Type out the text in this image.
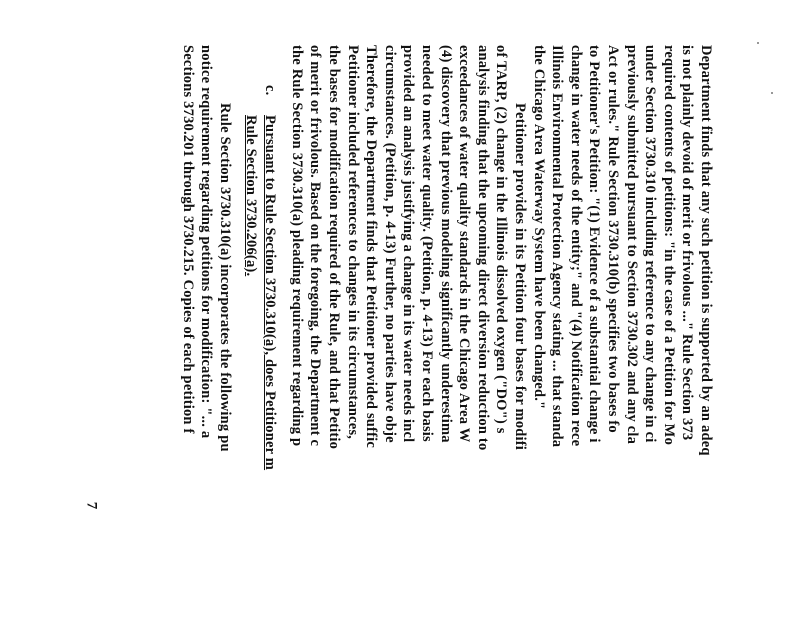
Department finds that any such petition is supported by an adeq
is not plainly devoid of merit or frivolous ..." Rule Section 373
required contents of petitions: "in the case of a Petition for Mo
under Section 3730.310 including reference to any change in ci
previously submitted pursuant to Section 3730.302 and any cla
Act or rules." Rule Section 3730.310(b) specifies two bases fo
to Petitioner's Petition: "(1) Evidence of a substantial change i
change in water needs of the entity;" and "(4) Notification rece
Illinois Environmental Protection Agency stating ... that standa
the Chicago Area Waterway System have been changed."
Petitioner provides in its Petition four bases for modifi
of TARP, (2) change in the Illinois dissolved oxygen ("DO") s
analysis finding that the upcoming direct diversion reduction to
exceedances of water quality standards in the Chicago Area W
(4) discovery that previous modeling significantly underestima
needed to meet water quality. (Petition, p. 4-13) For each basis
provided an analysis justifying a change in its water needs incl
circumstances. (Petition, p. 4-13) Further, no parties have obje
Therefore, the Department finds that Petitioner provided suffic
Petitioner included references to changes in its circumstances,
the bases for modification required of the Rule, and that Petitio
of merit or frivolous. Based on the foregoing, the Department c
the Rule Section 3730.310(a) pleading requirement regarding p
c.
Pursuant to Rule Section 3730.310(a), does Petitioner m
Rule Section 3730.206(a).
Rule Section 3730.310(a) incorporates the following pu
notice requirement regarding petitions for modification: "... a
Sections 3730.201 through 3730.215. Copies of each petition f
7
